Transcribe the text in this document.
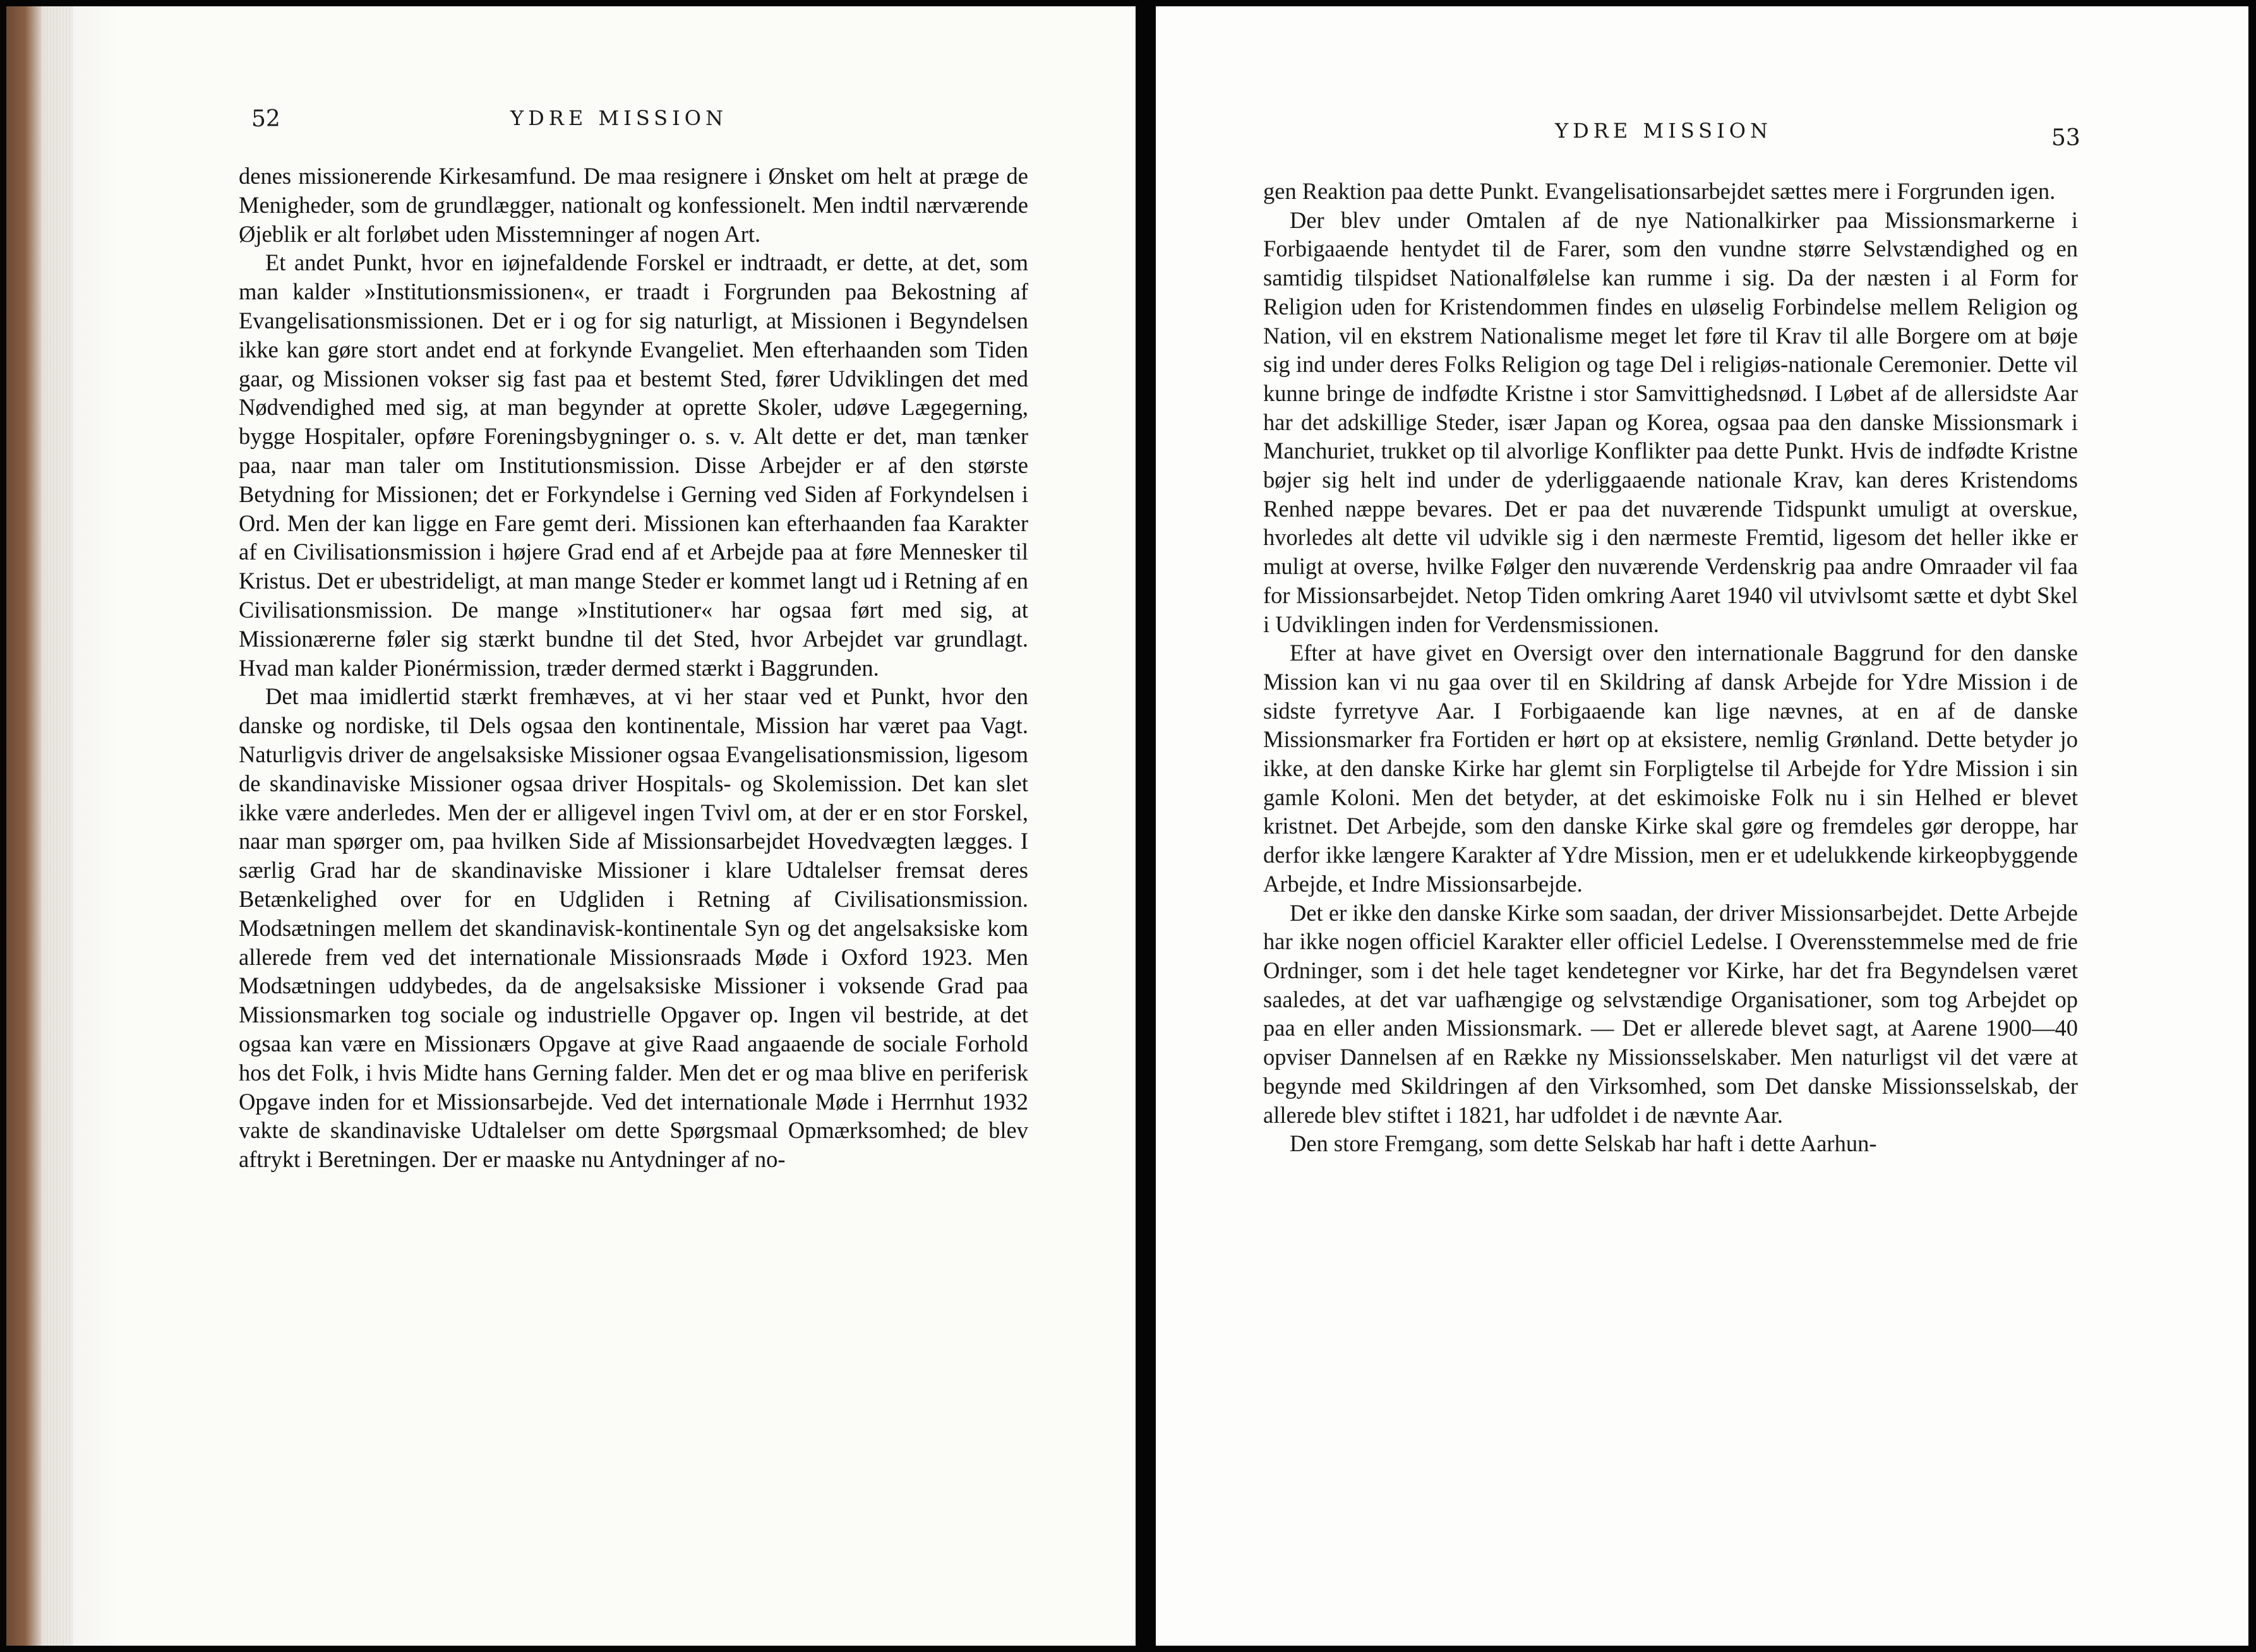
52	YDRE MISSION

denes missionerende Kirkesamfund. De maa resignere i Ønsket om helt at præge de Menigheder, som de grundlægger, nationalt og konfessionelt. Men indtil nærværende Øjeblik er alt forløbet uden Misstemninger af nogen Art.

Et andet Punkt, hvor en iøjnefaldende Forskel er indtraadt, er dette, at det, som man kalder »Institutionsmissionen«, er traadt i Forgrunden paa Bekostning af Evangelisationsmissionen. Det er i og for sig naturligt, at Missionen i Begyndelsen ikke kan gøre stort andet end at forkynde Evangeliet. Men efterhaanden som Tiden gaar, og Missionen vokser sig fast paa et bestemt Sted, fører Udviklingen det med Nødvendighed med sig, at man begynder at oprette Skoler, udøve Lægegerning, bygge Hospitaler, opføre Foreningsbygninger o. s. v. Alt dette er det, man tænker paa, naar man taler om Institutionsmission. Disse Arbejder er af den største Betydning for Missionen; det er Forkyndelse i Gerning ved Siden af Forkyndelsen i Ord. Men der kan ligge en Fare gemt deri. Missionen kan efterhaanden faa Karakter af en Civilisationsmission i højere Grad end af et Arbejde paa at føre Mennesker til Kristus. Det er ubestrideligt, at man mange Steder er kommet langt ud i Retning af en Civilisationsmission. De mange »Institutioner« har ogsaa ført med sig, at Missionærerne føler sig stærkt bundne til det Sted, hvor Arbejdet var grundlagt. Hvad man kalder Pionérmission, træder dermed stærkt i Baggrunden.

Det maa imidlertid stærkt fremhæves, at vi her staar ved et Punkt, hvor den danske og nordiske, til Dels ogsaa den kontinentale, Mission har været paa Vagt. Naturligvis driver de angelsaksiske Missioner ogsaa Evangelisationsmission, ligesom de skandinaviske Missioner ogsaa driver Hospitals- og Skolemission. Det kan slet ikke være anderledes. Men der er alligevel ingen Tvivl om, at der er en stor Forskel, naar man spørger om, paa hvilken Side af Missionsarbejdet Hovedvægten lægges. I særlig Grad har de skandinaviske Missioner i klare Udtalelser fremsat deres Betænkelighed over for en Udgliden i Retning af Civilisationsmission. Modsætningen mellem det skandinavisk-kontinentale Syn og det angelsaksiske kom allerede frem ved det internationale Missionsraads Møde i Oxford 1923. Men Modsætningen uddybedes, da de angelsaksiske Missioner i voksende Grad paa Missionsmarken tog sociale og industrielle Opgaver op. Ingen vil bestride, at det ogsaa kan være en Missionærs Opgave at give Raad angaaende de sociale Forhold hos det Folk, i hvis Midte hans Gerning falder. Men det er og maa blive en periferisk Opgave inden for et Missionsarbejde. Ved det internationale Møde i Herrnhut 1932 vakte de skandinaviske Udtalelser om dette Spørgsmaal Opmærksomhed; de blev aftrykt i Beretningen. Der er maaske nu Antydninger af no-

YDRE MISSION	53

gen Reaktion paa dette Punkt. Evangelisationsarbejdet sættes mere i Forgrunden igen.

Der blev under Omtalen af de nye Nationalkirker paa Missionsmarkerne i Forbigaaende hentydet til de Farer, som den vundne større Selvstændighed og en samtidig tilspidset Nationalfølelse kan rumme i sig. Da der næsten i al Form for Religion uden for Kristendommen findes en uløselig Forbindelse mellem Religion og Nation, vil en ekstrem Nationalisme meget let føre til Krav til alle Borgere om at bøje sig ind under deres Folks Religion og tage Del i religiøs-nationale Ceremonier. Dette vil kunne bringe de indfødte Kristne i stor Samvittighedsnød. I Løbet af de allersidste Aar har det adskillige Steder, især Japan og Korea, ogsaa paa den danske Missionsmark i Manchuriet, trukket op til alvorlige Konflikter paa dette Punkt. Hvis de indfødte Kristne bøjer sig helt ind under de yderliggaaende nationale Krav, kan deres Kristendoms Renhed næppe bevares. Det er paa det nuværende Tidspunkt umuligt at overskue, hvorledes alt dette vil udvikle sig i den nærmeste Fremtid, ligesom det heller ikke er muligt at overse, hvilke Følger den nuværende Verdenskrig paa andre Omraader vil faa for Missionsarbejdet. Netop Tiden omkring Aaret 1940 vil utvivlsomt sætte et dybt Skel i Udviklingen inden for Verdensmissionen.

Efter at have givet en Oversigt over den internationale Baggrund for den danske Mission kan vi nu gaa over til en Skildring af dansk Arbejde for Ydre Mission i de sidste fyrretyve Aar. I Forbigaaende kan lige nævnes, at en af de danske Missionsmarker fra Fortiden er hørt op at eksistere, nemlig Grønland. Dette betyder jo ikke, at den danske Kirke har glemt sin Forpligtelse til Arbejde for Ydre Mission i sin gamle Koloni. Men det betyder, at det eskimoiske Folk nu i sin Helhed er blevet kristnet. Det Arbejde, som den danske Kirke skal gøre og fremdeles gør deroppe, har derfor ikke længere Karakter af Ydre Mission, men er et udelukkende kirkeopbyggende Arbejde, et Indre Missionsarbejde.

Det er ikke den danske Kirke som saadan, der driver Missionsarbejdet. Dette Arbejde har ikke nogen officiel Karakter eller officiel Ledelse. I Overensstemmelse med de frie Ordninger, som i det hele taget kendetegner vor Kirke, har det fra Begyndelsen været saaledes, at det var uafhængige og selvstændige Organisationer, som tog Arbejdet op paa en eller anden Missionsmark. — Det er allerede blevet sagt, at Aarene 1900—40 opviser Dannelsen af en Række ny Missionsselskaber. Men naturligst vil det være at begynde med Skildringen af den Virksomhed, som Det danske Missionsselskab, der allerede blev stiftet i 1821, har udfoldet i de nævnte Aar.

Den store Fremgang, som dette Selskab har haft i dette Aarhun-
